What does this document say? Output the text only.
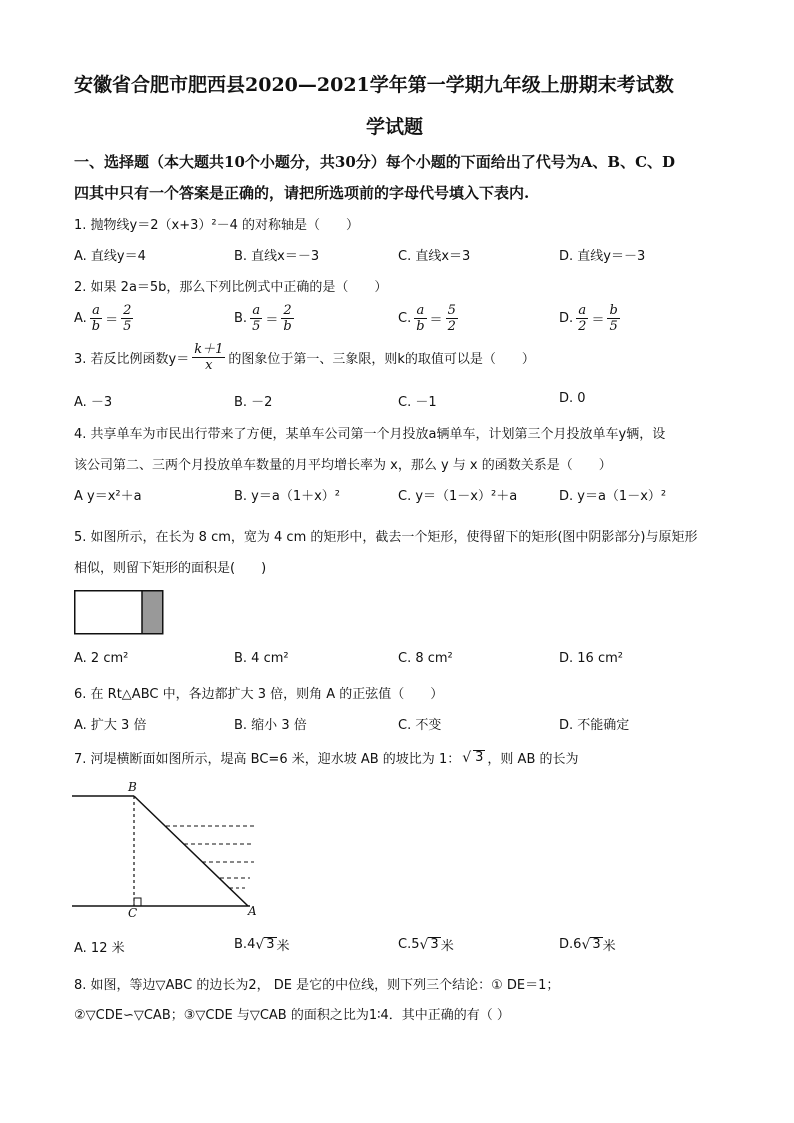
安徽省合肥市肥西县2020—2021学年第一学期九年级上册期末考试数
学试题
一、选择题（本大题共10个小题分，共30分）每个小题的下面给出了代号为A、B、C、D
四其中只有一个答案是正确的，请把所选项前的字母代号填入下表内.
1. 抛物线y＝2（x+3）²－4 的对称轴是（　　）
A. 直线y＝4	B. 直线x＝－3	C. 直线x＝3	D. 直线y＝－3
2. 如果 2a＝5b，那么下列比例式中正确的是（　　）
A. $\frac{a}{b} = \frac{2}{5}$	B. $\frac{a}{5} = \frac{2}{b}$	C. $\frac{a}{b} = \frac{5}{2}$	D. $\frac{a}{2} = \frac{b}{5}$
3. 若反比例函数$y= \frac{k+1}{x}$ 的图象位于第一、三象限，则k的取值可以是（　　）
A. －3	B. －2	C. －1	D. 0
4. 共享单车为市民出行带来了方便，某单车公司第一个月投放a辆单车，计划第三个月投放单车y辆，设
该公司第二、三两个月投放单车数量的月平均增长率为 x，那么 y 与 x 的函数关系是（　　）
A y＝x²＋a	B. y＝a（1＋x）²	C. y＝（1－x）²＋a	D. y＝a（1－x）²
5. 如图所示，在长为 8 cm，宽为 4 cm 的矩形中，截去一个矩形，使得留下的矩形(图中阴影部分)与原矩形
相似，则留下矩形的面积是(　　)
A. 2 cm²	B. 4 cm²	C. 8 cm²	D. 16 cm²
6. 在 Rt△ABC 中，各边都扩大 3 倍，则角 A 的正弦值（　　）
A. 扩大 3 倍	B. 缩小 3 倍	C. 不变	D. 不能确定
7. 河堤横断面如图所示，堤高 BC=6 米，迎水坡 AB 的坡比为 1： √ 3 ，则 AB 的长为
B
C	A
A. 12 米	B. 4 √ 3 米	C. 5 √ 3 米	D. 6 √ 3 米
8. 如图，等边▽ABC 的边长为2， DE 是它的中位线，则下列三个结论：① DE＝1；
②▽CDE∽▽CAB；③▽CDE 与▽CAB 的面积之比为1∶4．其中正确的有（ ）
